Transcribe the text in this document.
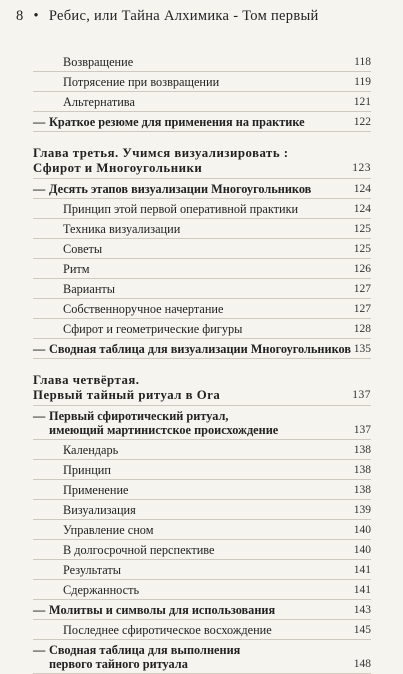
8 • Ребис, или Тайна Алхимика - Том первый
Возвращение	118
Потрясение при возвращении	119
Альтернатива	121
— Краткое резюме для применения на практике	122
Глава третья. Учимся визуализировать :
Сфирот и Многоугольники	123
— Десять этапов визуализации Многоугольников	124
Принцип этой первой оперативной практики	124
Техника визуализации	125
Советы	125
Ритм	126
Варианты	127
Собственноручное начертание	127
Сфирот и геометрические фигуры	128
— Сводная таблица для визуализации Многоугольников 135
Глава четвёртая.
Первый тайный ритуал в Ora	137
— Первый сфиротический ритуал,
имеющий мартинистское происхождение	137
Календарь	138
Принцип	138
Применение	138
Визуализация	139
Управление сном	140
В долгосрочной перспективе	140
Результаты	141
Сдержанность	141
— Молитвы и символы для использования	143
Последнее сфиротическое восхождение	145
— Сводная таблица для выполнения
первого тайного ритуала	148
